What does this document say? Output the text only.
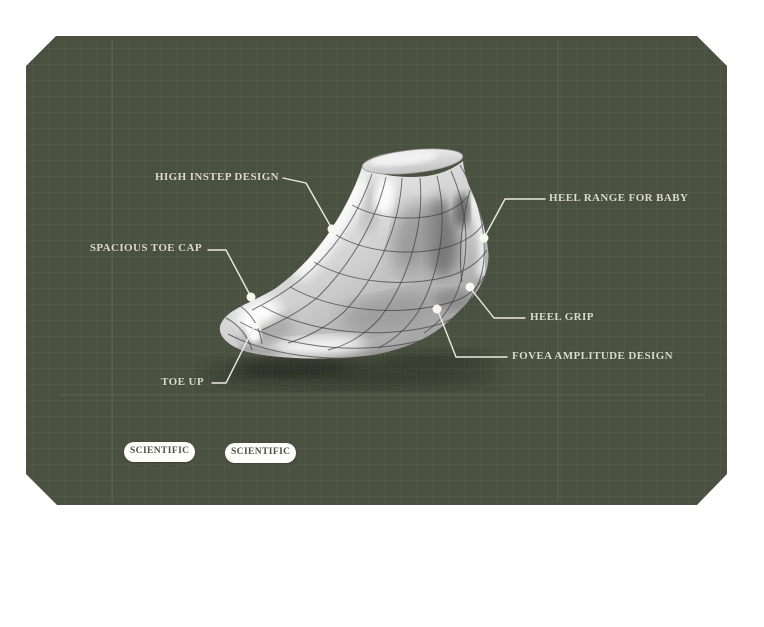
HIGH INSTEP DESIGN
SPACIOUS TOE CAP
TOE UP
HEEL RANGE FOR BABY
HEEL GRIP
FOVEA AMPLITUDE DESIGN
SCIENTIFIC	SCIENTIFIC
